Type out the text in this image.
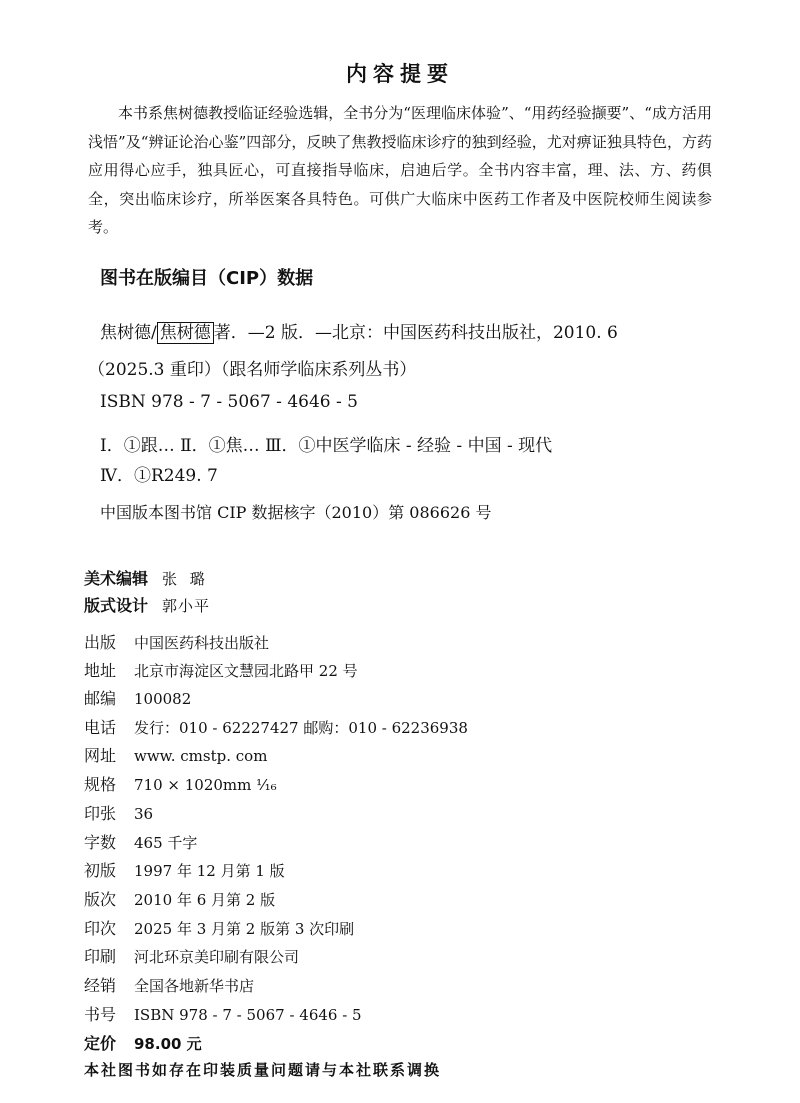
内容提要

本书系焦树德教授临证经验选辑，全书分为“医理临床体验”、“用药经验撷要”、“成方活用浅悟”及“辨证论治心鉴”四部分，反映了焦教授临床诊疗的独到经验，尤对痹证独具特色，方药应用得心应手，独具匠心，可直接指导临床，启迪后学。全书内容丰富，理、法、方、药俱全，突出临床诊疗，所举医案各具特色。可供广大临床中医药工作者及中医院校师生阅读参考。

图书在版编目（CIP）数据
焦树德/ 焦树德 著．—2 版．—北京：中国医药科技出版社，2010. 6
（2025.3 重印）（跟名师学临床系列丛书）
ISBN 978 - 7 - 5067 - 4646 - 5
Ⅰ．①跟… Ⅱ．①焦… Ⅲ．①中医学临床 - 经验 - 中国 - 现代
Ⅳ．①R249. 7
中国版本图书馆 CIP 数据核字（2010）第 086626 号
美术编辑 张 璐
版式设计 郭小平
出版 中国医药科技出版社
地址 北京市海淀区文慧园北路甲 22 号
邮编 100082
电话 发行：010 - 62227427 邮购：010 - 62236938
网址 www. cmstp. com
规格 710 × 1020mm ⅟₁₆
印张 36
字数 465 千字
初版 1997 年 12 月第 1 版
版次 2010 年 6 月第 2 版
印次 2025 年 3 月第 2 版第 3 次印刷
印刷 河北环京美印刷有限公司
经销 全国各地新华书店
书号 ISBN 978 - 7 - 5067 - 4646 - 5
定价 98.00 元
本社图书如存在印装质量问题请与本社联系调换
